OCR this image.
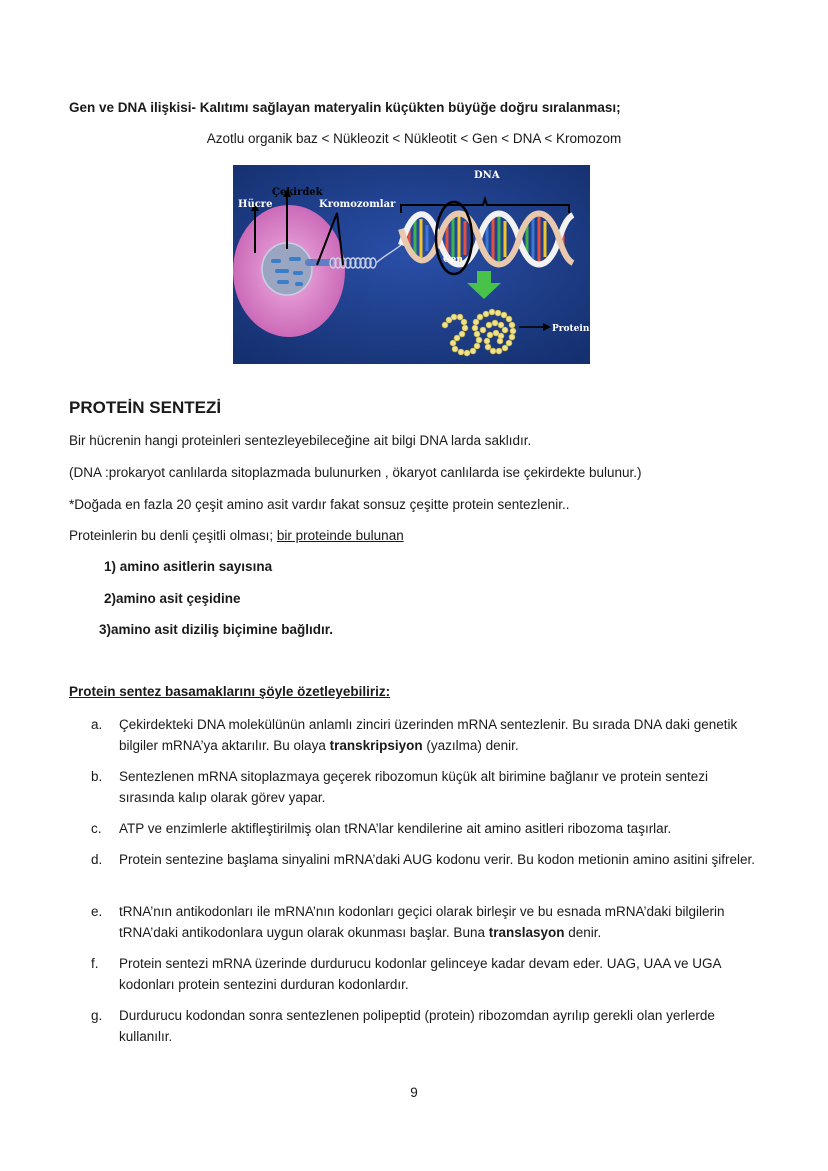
Gen ve DNA ilişkisi- Kalıtımı sağlayan materyalin küçükten büyüğe doğru sıralanması;
Azotlu organik baz < Nükleozit < Nükleotit < Gen < DNA < Kromozom
DNA
Çekirdek
Hücre	Kromozomlar
Gen
Protein
PROTEİN SENTEZİ
Bir hücrenin hangi proteinleri sentezleyebileceğine ait bilgi DNA larda saklıdır.
(DNA :prokaryot canlılarda sitoplazmada bulunurken , ökaryot canlılarda ise çekirdekte bulunur.)
*Doğada en fazla 20 çeşit amino asit vardır fakat sonsuz çeşitte protein sentezlenir..
Proteinlerin bu denli çeşitli olması; bir proteinde bulunan
1) amino asitlerin sayısına
2)amino asit çeşidine
3)amino asit diziliş biçimine bağlıdır.
Protein sentez basamaklarını şöyle özetleyebiliriz:
a.	Çekirdekteki DNA molekülünün anlamlı zinciri üzerinden mRNA sentezlenir. Bu sırada DNA daki genetik bilgiler mRNA’ya aktarılır. Bu olaya transkripsiyon (yazılma) denir.
b.	Sentezlenen mRNA sitoplazmaya geçerek ribozomun küçük alt birimine bağlanır ve protein sentezi sırasında kalıp olarak görev yapar.
c.	ATP ve enzimlerle aktifleştirilmiş olan tRNA’lar kendilerine ait amino asitleri ribozoma taşırlar.
d.	Protein sentezine başlama sinyalini mRNA’daki AUG kodonu verir. Bu kodon metionin amino asitini şifreler.
e.	tRNA’nın antikodonları ile mRNA’nın kodonları geçici olarak birleşir ve bu esnada mRNA’daki bilgilerin tRNA’daki antikodonlara uygun olarak okunması başlar. Buna translasyon denir.
f.	Protein sentezi mRNA üzerinde durdurucu kodonlar gelinceye kadar devam eder. UAG, UAA ve UGA kodonları protein sentezini durduran kodonlardır.
g.	Durdurucu kodondan sonra sentezlenen polipeptid (protein) ribozomdan ayrılıp gerekli olan yerlerde kullanılır.
9
